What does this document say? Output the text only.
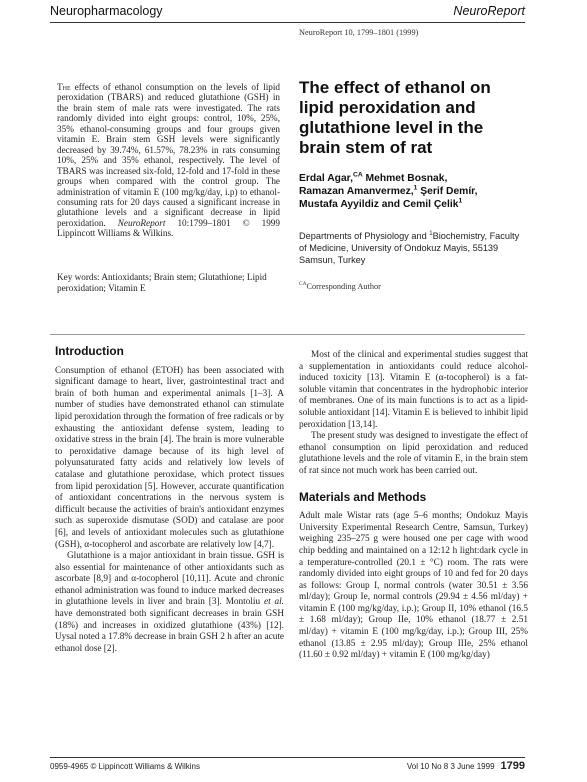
Neuropharmacology	NeuroReport
NeuroReport 10, 1799–1801 (1999)
The effects of ethanol consumption on the levels of lipid peroxidation (TBARS) and reduced glutathione (GSH) in the brain stem of male rats were investigated. The rats randomly divided into eight groups: control, 10%, 25%, 35% ethanol-consuming groups and four groups given vitamin E. Brain stem GSH levels were significantly decreased by 39.74%, 61.57%, 78.23% in rats consuming 10%, 25% and 35% ethanol, respectively. The level of TBARS was increased six-fold, 12-fold and 17-fold in these groups when compared with the control group. The administration of vitamin E (100 mg/kg/day, i.p) to ethanol-consuming rats for 20 days caused a significant increase in glutathione levels and a significant decrease in lipid peroxidation. NeuroReport 10:1799–1801 © 1999 Lippincott Williams & Wilkins.
Key words: Antioxidants; Brain stem; Glutathione; Lipid peroxidation; Vitamin E
The effect of ethanol on lipid peroxidation and glutathione level in the brain stem of rat
Erdal Agar,$^{CA}$ Mehmet Bosnak,
Ramazan Amanvermez,$^1$ Şerif Demír,
Mustafa Ayyildiz and Cemil Çelik$^1$
Departments of Physiology and $^1$Biochemistry, Faculty of Medicine, University of Ondokuz Mayis, 55139 Samsun, Turkey
$^{CA}$Corresponding Author
Introduction

Consumption of ethanol (ETOH) has been associated with significant damage to heart, liver, gastrointestinal tract and brain of both human and experimental animals [1–3]. A number of studies have demonstrated ethanol can stimulate lipid peroxidation through the formation of free radicals or by exhausting the antioxidant defense system, leading to oxidative stress in the brain [4]. The brain is more vulnerable to peroxidative damage because of its high level of polyunsaturated fatty acids and relatively low levels of catalase and glutathione peroxidase, which protect tissues from lipid peroxidation [5]. However, accurate quantification of antioxidant concentrations in the nervous system is difficult because the activities of brain's antioxidant enzymes such as superoxide dismutase (SOD) and catalase are poor [6], and levels of antioxidant molecules such as glutathione (GSH), α-tocopherol and ascorbate are relatively low [4,7].

Glutathione is a major antioxidant in brain tissue. GSH is also essential for maintenance of other antioxidants such as ascorbate [8,9] and α-tocopherol [10,11]. Acute and chronic ethanol administration was found to induce marked decreases in glutathione levels in liver and brain [3]. Montoliu et al. have demonstrated both significant decreases in brain GSH (18%) and increases in oxidized glutathione (43%) [12]. Uysal noted a 17.8% decrease in brain GSH 2 h after an acute ethanol dose [2].

Most of the clinical and experimental studies suggest that a supplementation in antioxidants could reduce alcohol-induced toxicity [13]. Vitamin E (α-tocopherol) is a fat-soluble vitamin that concentrates in the hydrophobic interior of membranes. One of its main functions is to act as a lipid-soluble antioxidant [14]. Vitamin E is believed to inhibit lipid peroxidation [13,14].

The present study was designed to investigate the effect of ethanol consumption on lipid peroxidation and reduced glutathione levels and the role of vitamin E, in the brain stem of rat since not much work has been carried out.

Materials and Methods

Adult male Wistar rats (age 5–6 months; Ondokuz Mayis University Experimental Research Centre, Samsun, Turkey) weighing 235–275 g were housed one per cage with wood chip bedding and maintained on a 12:12 h light:dark cycle in a temperature-controlled (20.1 ± °C) room. The rats were randomly divided into eight groups of 10 and fed for 20 days as follows: Group I, normal controls (water 30.51 ± 3.56 ml/day); Group Ie, normal controls (29.94 ± 4.56 ml/day) + vitamin E (100 mg/kg/day, i.p.); Group II, 10% ethanol (16.5 ± 1.68 ml/day); Group IIe, 10% ethanol (18.77 ± 2.51 ml/day) + vitamin E (100 mg/kg/day, i.p.); Group III, 25% ethanol (13.85 ± 2.95 ml/day); Group IIIe, 25% ethanol (11.60 ± 0.92 ml/day) + vitamin E (100 mg/kg/day)

0959-4965 © Lippincott Williams & Wilkins	Vol 10 No 8 3 June 1999 1799
